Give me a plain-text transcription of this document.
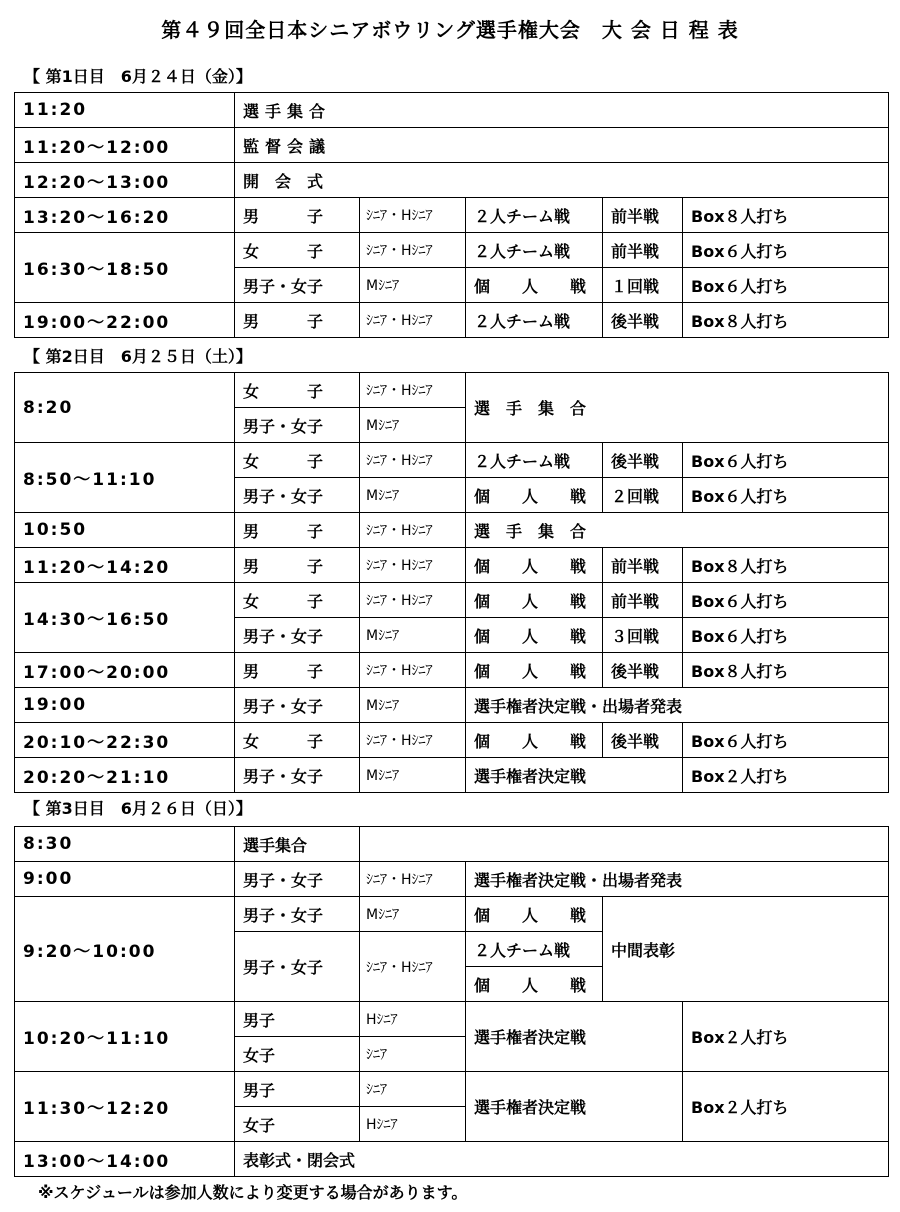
第４９回全日本シニアボウリング選手権大会　大 会 日 程 表
【 第1日目　6月２４日（金）】
11:20	選手集合				
11:20～12:00	監督会議				
12:20～13:00	開　会　式				
13:20～16:20	男　　　子	ｼﾆｱ・Hｼﾆｱ	２人チーム戦	前半戦	Box８人打ち
16:30～18:50	女　　　子	ｼﾆｱ・Hｼﾆｱ	２人チーム戦	前半戦	Box６人打ち
	男子・女子	Mｼﾆｱ	個　　人　　戦	１回戦	Box６人打ち
19:00～22:00	男　　　子	ｼﾆｱ・Hｼﾆｱ	２人チーム戦	後半戦	Box８人打ち
【 第2日目　6月２５日（土）】
8:20	女　　　子	ｼﾆｱ・Hｼﾆｱ	選　手　集　合		
	男子・女子	Mｼﾆｱ			
8:50～11:10	女　　　子	ｼﾆｱ・Hｼﾆｱ	２人チーム戦	後半戦	Box６人打ち
	男子・女子	Mｼﾆｱ	個　　人　　戦	２回戦	Box６人打ち
10:50	男　　　子	ｼﾆｱ・Hｼﾆｱ	選　手　集　合		
11:20～14:20	男　　　子	ｼﾆｱ・Hｼﾆｱ	個　　人　　戦	前半戦	Box８人打ち
14:30～16:50	女　　　子	ｼﾆｱ・Hｼﾆｱ	個　　人　　戦	前半戦	Box６人打ち
	男子・女子	Mｼﾆｱ	個　　人　　戦	３回戦	Box６人打ち
17:00～20:00	男　　　子	ｼﾆｱ・Hｼﾆｱ	個　　人　　戦	後半戦	Box８人打ち
19:00	男子・女子	Mｼﾆｱ	選手権者決定戦・出場者発表		
20:10～22:30	女　　　子	ｼﾆｱ・Hｼﾆｱ	個　　人　　戦	後半戦	Box６人打ち
20:20～21:10	男子・女子	Mｼﾆｱ	選手権者決定戦		Box２人打ち
【 第3日目　6月２６日（日）】
8:30	選手集合				
9:00	男子・女子	ｼﾆｱ・Hｼﾆｱ	選手権者決定戦・出場者発表		
9:20～10:00	男子・女子	Mｼﾆｱ	個　　人　　戦	中間表彰	
	男子・女子	ｼﾆｱ・Hｼﾆｱ	２人チーム戦		
			個　　人　　戦		
10:20～11:10	男子	Hｼﾆｱ	選手権者決定戦		Box２人打ち
	女子	ｼﾆｱ			
11:30～12:20	男子	ｼﾆｱ	選手権者決定戦		Box２人打ち
	女子	Hｼﾆｱ			
13:00～14:00	表彰式・閉会式				
※スケジュールは参加人数により変更する場合があります。
